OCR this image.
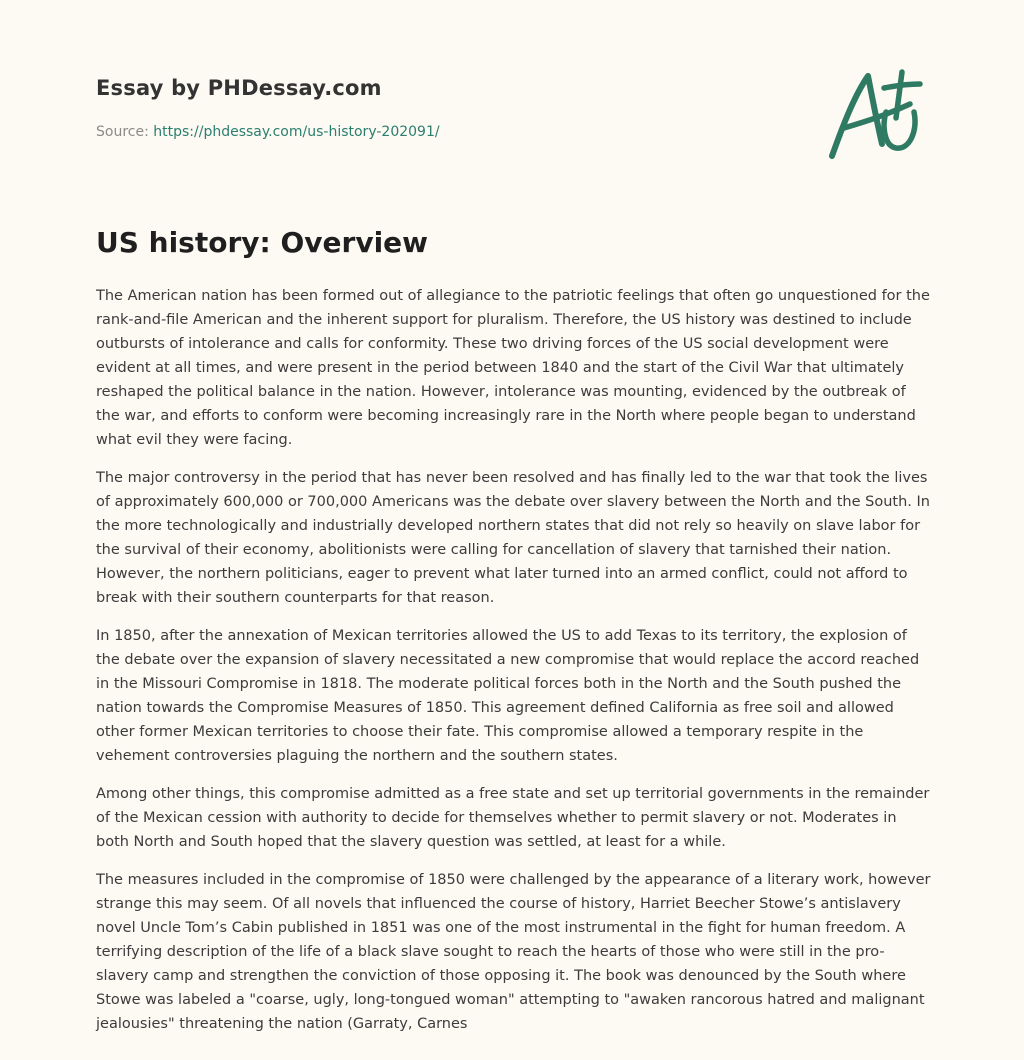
Essay by PHDessay.com
Source: https://phdessay.com/us-history-202091/
US history: Overview

The American nation has been formed out of allegiance to the patriotic feelings that often go unquestioned for the rank-and-file American and the inherent support for pluralism. Therefore, the US history was destined to include outbursts of intolerance and calls for conformity. These two driving forces of the US social development were evident at all times, and were present in the period between 1840 and the start of the Civil War that ultimately reshaped the political balance in the nation. However, intolerance was mounting, evidenced by the outbreak of the war, and efforts to conform were becoming increasingly rare in the North where people began to understand what evil they were facing.

The major controversy in the period that has never been resolved and has finally led to the war that took the lives of approximately 600,000 or 700,000 Americans was the debate over slavery between the North and the South. In the more technologically and industrially developed northern states that did not rely so heavily on slave labor for the survival of their economy, abolitionists were calling for cancellation of slavery that tarnished their nation. However, the northern politicians, eager to prevent what later turned into an armed conflict, could not afford to break with their southern counterparts for that reason.

In 1850, after the annexation of Mexican territories allowed the US to add Texas to its territory, the explosion of the debate over the expansion of slavery necessitated a new compromise that would replace the accord reached in the Missouri Compromise in 1818. The moderate political forces both in the North and the South pushed the nation towards the Compromise Measures of 1850. This agreement defined California as free soil and allowed other former Mexican territories to choose their fate. This compromise allowed a temporary respite in the vehement controversies plaguing the northern and the southern states.

Among other things, this compromise admitted as a free state and set up territorial governments in the remainder of the Mexican cession with authority to decide for themselves whether to permit slavery or not. Moderates in both North and South hoped that the slavery question was settled, at least for a while.

The measures included in the compromise of 1850 were challenged by the appearance of a literary work, however strange this may seem. Of all novels that influenced the course of history, Harriet Beecher Stowe’s antislavery novel Uncle Tom’s Cabin published in 1851 was one of the most instrumental in the fight for human freedom. A terrifying description of the life of a black slave sought to reach the hearts of those who were still in the pro-slavery camp and strengthen the conviction of those opposing it. The book was denounced by the South where Stowe was labeled a "coarse, ugly, long-tongued woman" attempting to "awaken rancorous hatred and malignant jealousies" threatening the nation (Garraty, Carnes
